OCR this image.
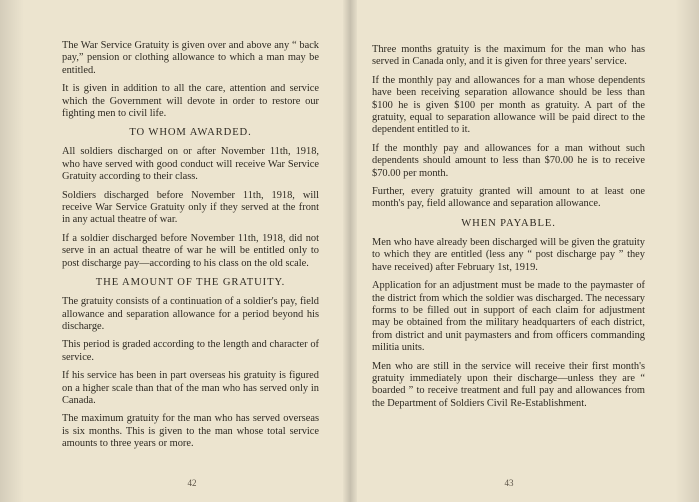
The War Service Gratuity is given over and above any “ back pay,” pension or clothing allowance to which a man may be entitled.

It is given in addition to all the care, attention and service which the Government will devote in order to restore our fighting men to civil life.

TO WHOM AWARDED.

All soldiers discharged on or after November 11th, 1918, who have served with good conduct will receive War Service Gratuity according to their class.

Soldiers discharged before November 11th, 1918, will receive War Service Gratuity only if they served at the front in any actual theatre of war.

If a soldier discharged before November 11th, 1918, did not serve in an actual theatre of war he will be entitled only to post discharge pay—according to his class on the old scale.

THE AMOUNT OF THE GRATUITY.

The gratuity consists of a continuation of a soldier's pay, field allowance and separation allowance for a period beyond his discharge.

This period is graded according to the length and character of service.

If his service has been in part overseas his gratuity is figured on a higher scale than that of the man who has served only in Canada.

The maximum gratuity for the man who has served overseas is six months. This is given to the man whose total service amounts to three years or more.

42

Three months gratuity is the maximum for the man who has served in Canada only, and it is given for three years' service.

If the monthly pay and allowances for a man whose dependents have been receiving separation allowance should be less than $100 he is given $100 per month as gratuity. A part of the gratuity, equal to separation allowance will be paid direct to the dependent entitled to it.

If the monthly pay and allowances for a man without such dependents should amount to less than $70.00 he is to receive $70.00 per month.

Further, every gratuity granted will amount to at least one month's pay, field allowance and separation allowance.

WHEN PAYABLE.

Men who have already been discharged will be given the gratuity to which they are entitled (less any “ post discharge pay ” they have received) after February 1st, 1919.

Application for an adjustment must be made to the paymaster of the district from which the soldier was discharged. The necessary forms to be filled out in support of each claim for adjustment may be obtained from the military headquarters of each district, from district and unit paymasters and from officers commanding militia units.

Men who are still in the service will receive their first month's gratuity immediately upon their discharge—unless they are “ boarded ” to receive treatment and full pay and allowances from the Department of Soldiers Civil Re-Establishment.

43
